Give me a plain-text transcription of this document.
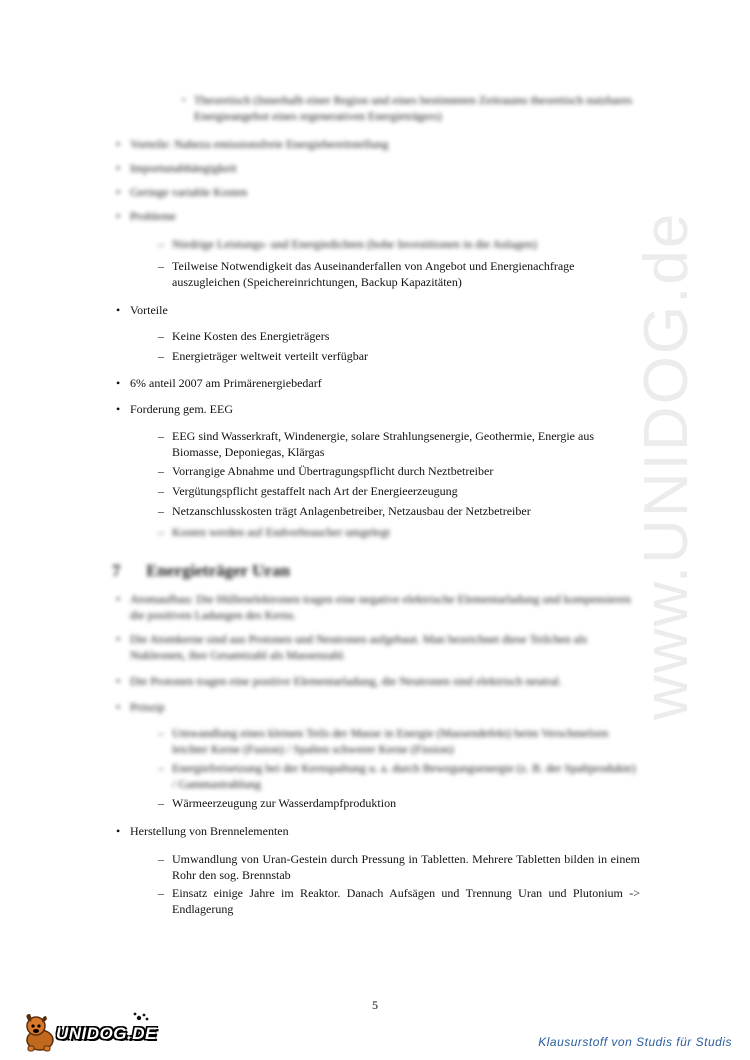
www.UNIDOG.de
• Theoretisch (Innerhalb einer Region und eines bestimmten Zeitraums theoretisch nutzbares Energieangebot eines regenerativen Energieträgers)
• Vorteile: Nahezu emissionsfreie Energiebereitstellung
• Importunabhängigkeit
• Geringe variable Kosten
• Probleme
– Niedrige Leistungs- und Energiedichten (hohe Investitionen in die Anlagen)
– Teilweise Notwendigkeit das Auseinanderfallen von Angebot und Energienachfrage auszugleichen (Speichereinrichtungen, Backup Kapazitäten)
• Vorteile
– Keine Kosten des Energieträgers
– Energieträger weltweit verteilt verfügbar
• 6% anteil 2007 am Primärenergiebedarf
• Forderung gem. EEG
– EEG sind Wasserkraft, Windenergie, solare Strahlungsenergie, Geothermie, Energie aus Biomasse, Deponiegas, Klärgas
– Vorrangige Abnahme und Übertragungspflicht durch Neztbetreiber
– Vergütungspflicht gestaffelt nach Art der Energieerzeugung
– Netzanschlusskosten trägt Anlagenbetreiber, Netzausbau der Netzbetreiber
– Kosten werden auf Endverbraucher umgelegt
7 Energieträger Uran
• Atomaufbau: Die Hüllenelektronen tragen eine negative elektrische Elementarladung und kompensieren die positiven Ladungen des Kerns.
• Die Atomkerne sind aus Protonen und Neutronen aufgebaut. Man bezeichnet diese Teilchen als Nukleonen, ihre Gesamtzahl als Massenzahl.
• Die Protonen tragen eine positive Elementarladung, die Neutronen sind elektrisch neutral.
• Prinzip
– Umwandlung eines kleinen Teils der Masse in Energie (Massendefekt) beim Verschmelzen leichter Kerne (Fusion) / Spalten schwerer Kerne (Fission)
– Energiefreisetzung bei der Kernspaltung u. a. durch Bewegungsenergie (z. B. der Spaltprodukte) / Gammastrahlung
– Wärmeerzeugung zur Wasserdampfproduktion
• Herstellung von Brennelementen
– Umwandlung von Uran-Gestein durch Pressung in Tabletten. Mehrere Tabletten bilden in einem Rohr den sog. Brennstab
– Einsatz einige Jahre im Reaktor. Danach Aufsägen und Trennung Uran und Plutonium -> Endlagerung
5
UNIDOG.DE	Klausurstoff von Studis für Studis
